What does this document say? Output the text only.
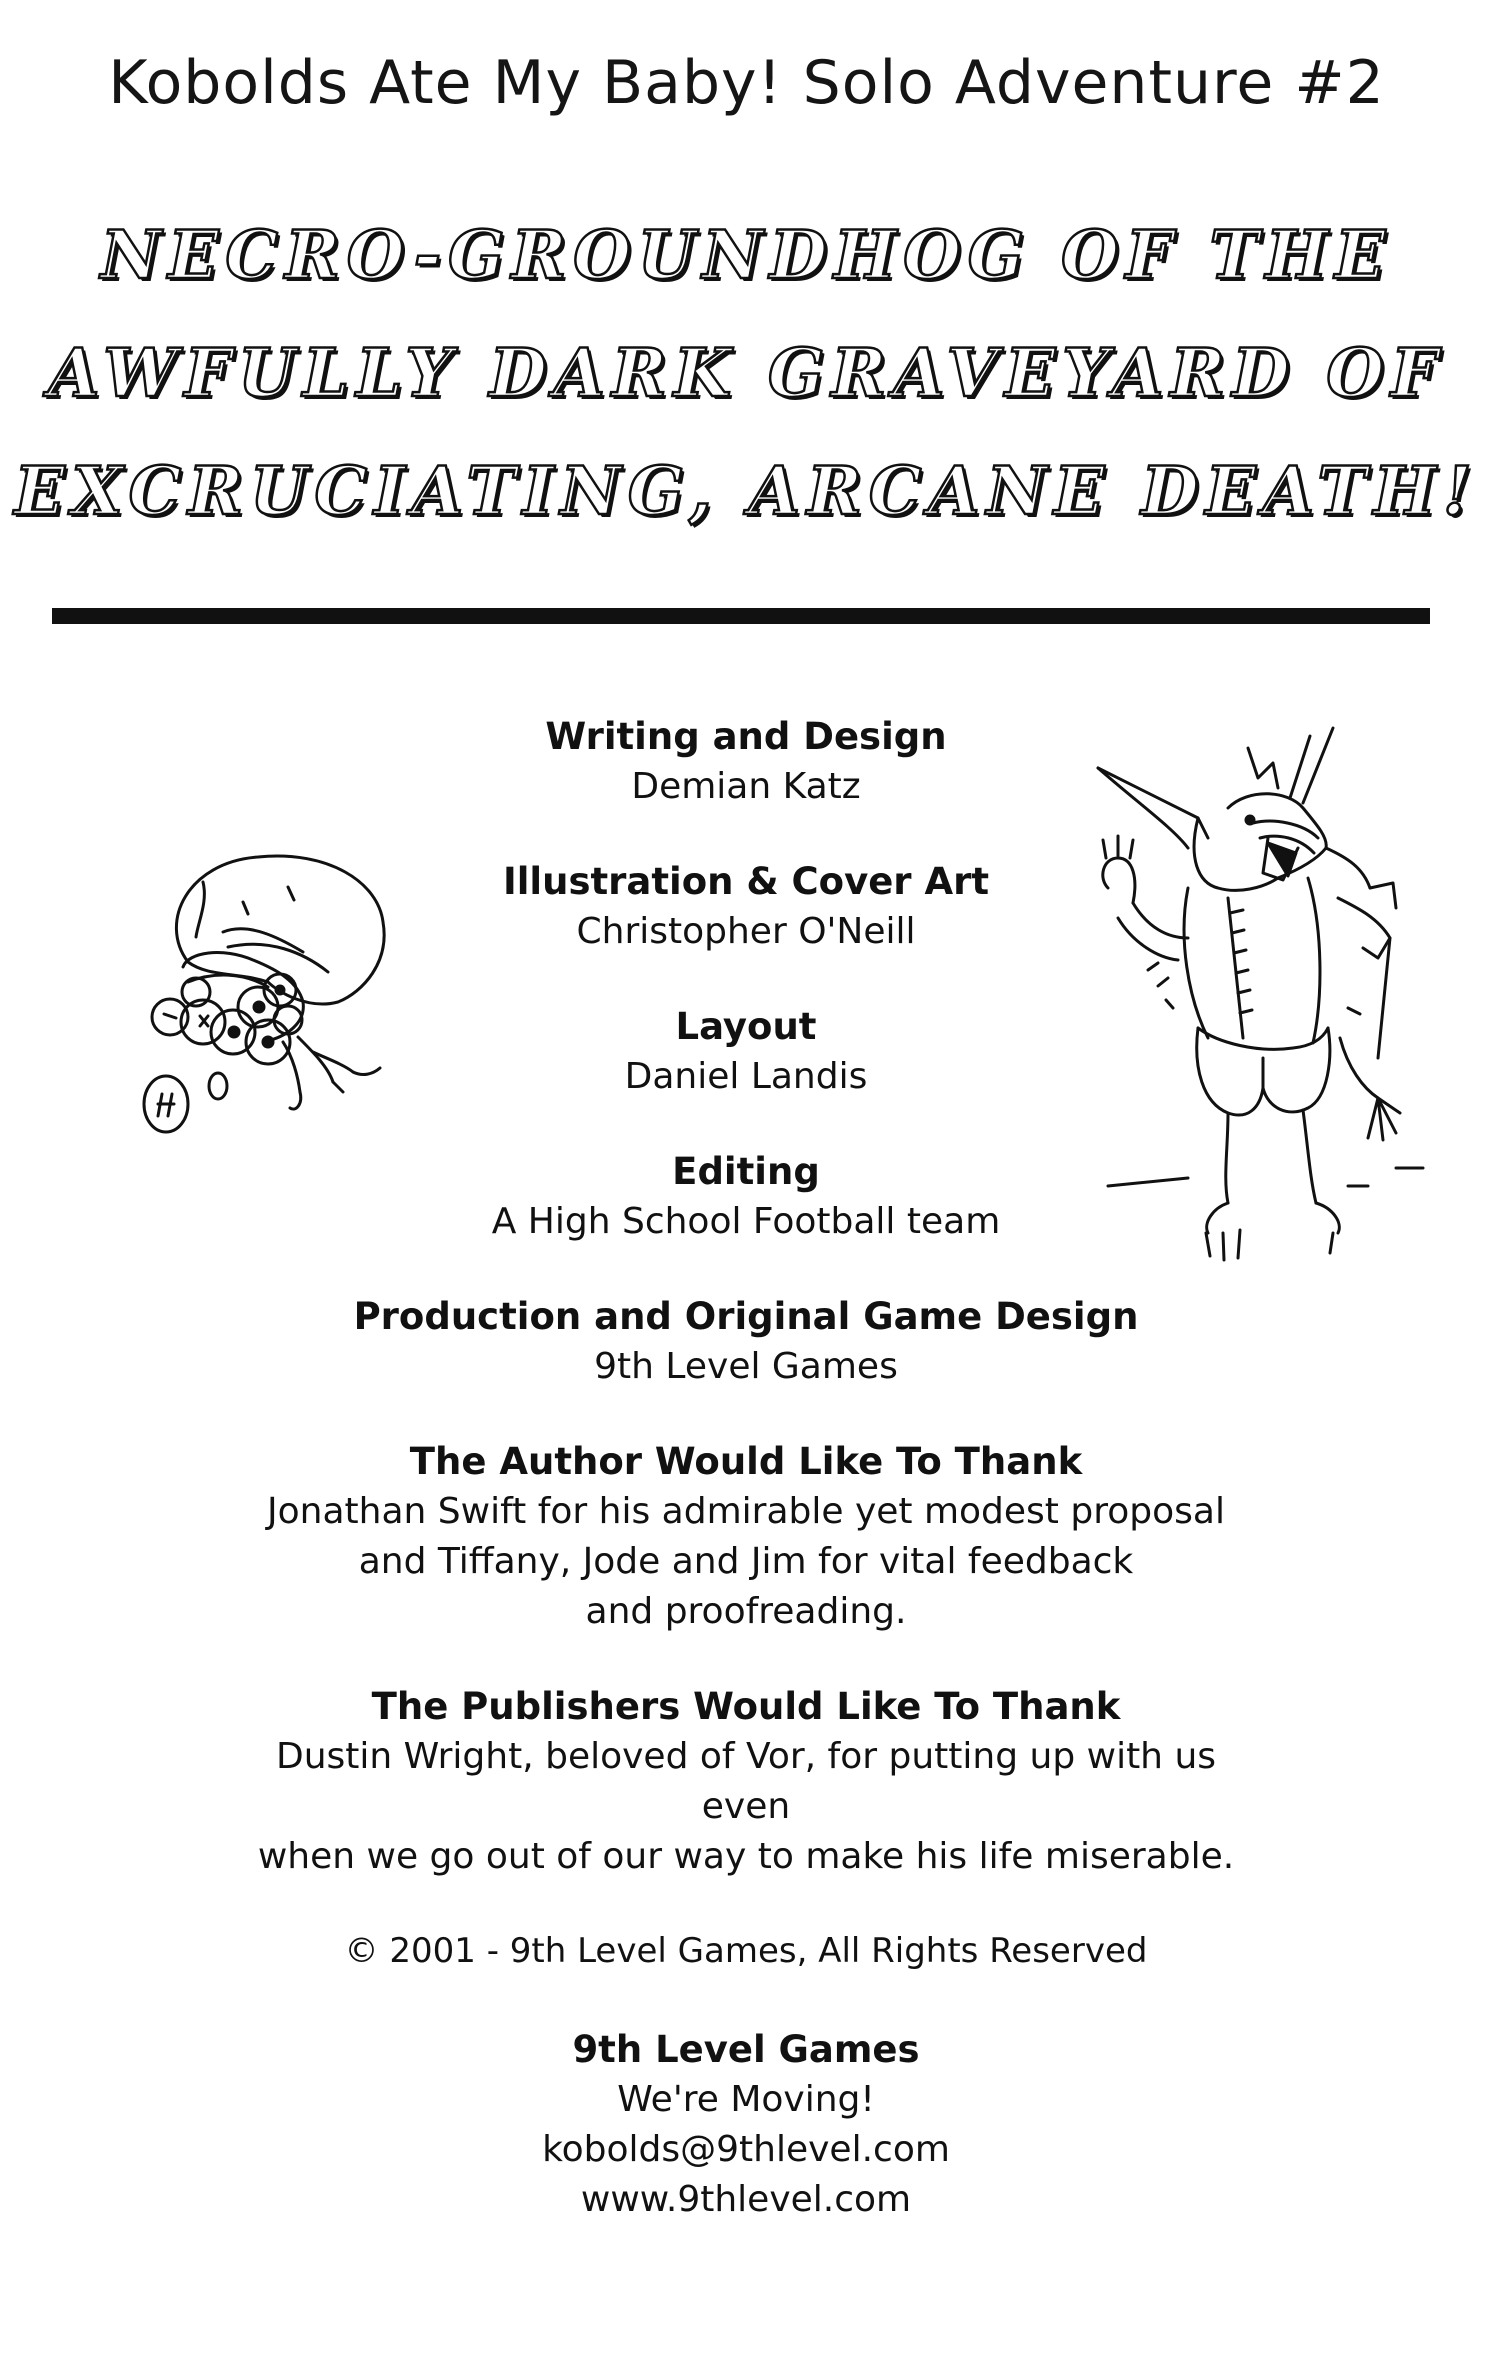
Kobolds Ate My Baby! Solo Adventure #2
NECRO-GROUNDHOG OF THE
AWFULLY DARK GRAVEYARD OF
EXCRUCIATING, ARCANE DEATH!
Writing and Design
Demian Katz
Illustration & Cover Art
Christopher O'Neill
Layout
Daniel Landis
Editing
A High School Football team
Production and Original Game Design
9th Level Games
The Author Would Like To Thank
Jonathan Swift for his admirable yet modest proposal
and Tiffany, Jode and Jim for vital feedback
and proofreading.
The Publishers Would Like To Thank
Dustin Wright, beloved of Vor, for putting up with us even
when we go out of our way to make his life miserable.
© 2001 - 9th Level Games, All Rights Reserved
9th Level Games
We're Moving!
kobolds@9thlevel.com
www.9thlevel.com
